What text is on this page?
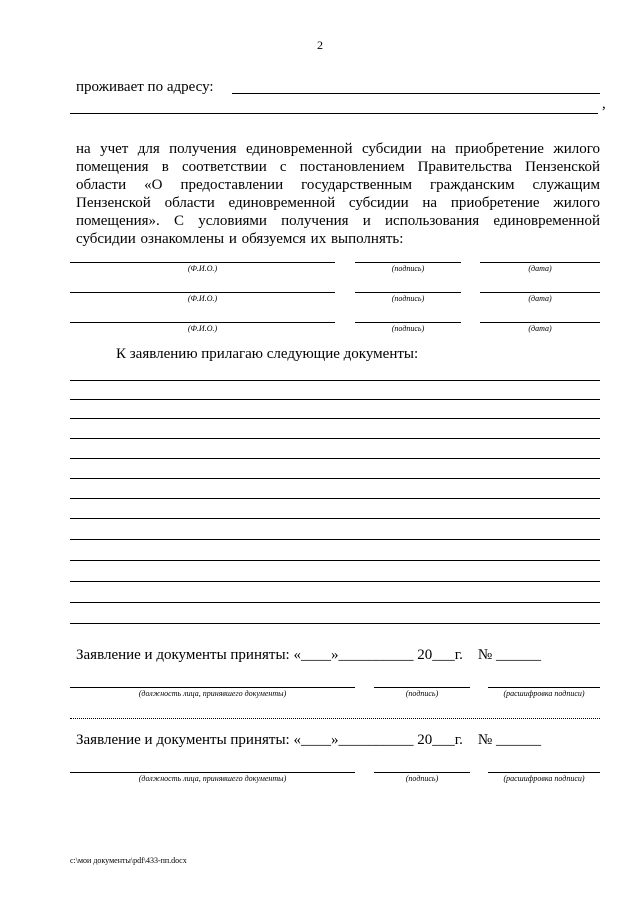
2
проживает по адресу:
,
на учет для получения единовременной субсидии на приобретение жилого помещения в соответствии с постановлением Правительства Пензенской области «О предоставлении государственным гражданским служащим Пензенской области единовременной субсидии на приобретение жилого помещения». С условиями получения и использования единовременной субсидии ознакомлены и обязуемся их выполнять:
(Ф.И.О.)	(подпись)	(дата)
(Ф.И.О.)	(подпись)	(дата)
(Ф.И.О.)	(подпись)	(дата)
К заявлению прилагаю следующие документы:
Заявление и документы приняты: «____»__________ 20___г.    № ______
(должность лица, принявшего документы)	(подпись)	(расшифровка подписи)
Заявление и документы приняты: «____»__________ 20___г.    № ______
(должность лица, принявшего документы)	(подпись)	(расшифровка подписи)
c:\мои документы\pdf\433-пп.docx
